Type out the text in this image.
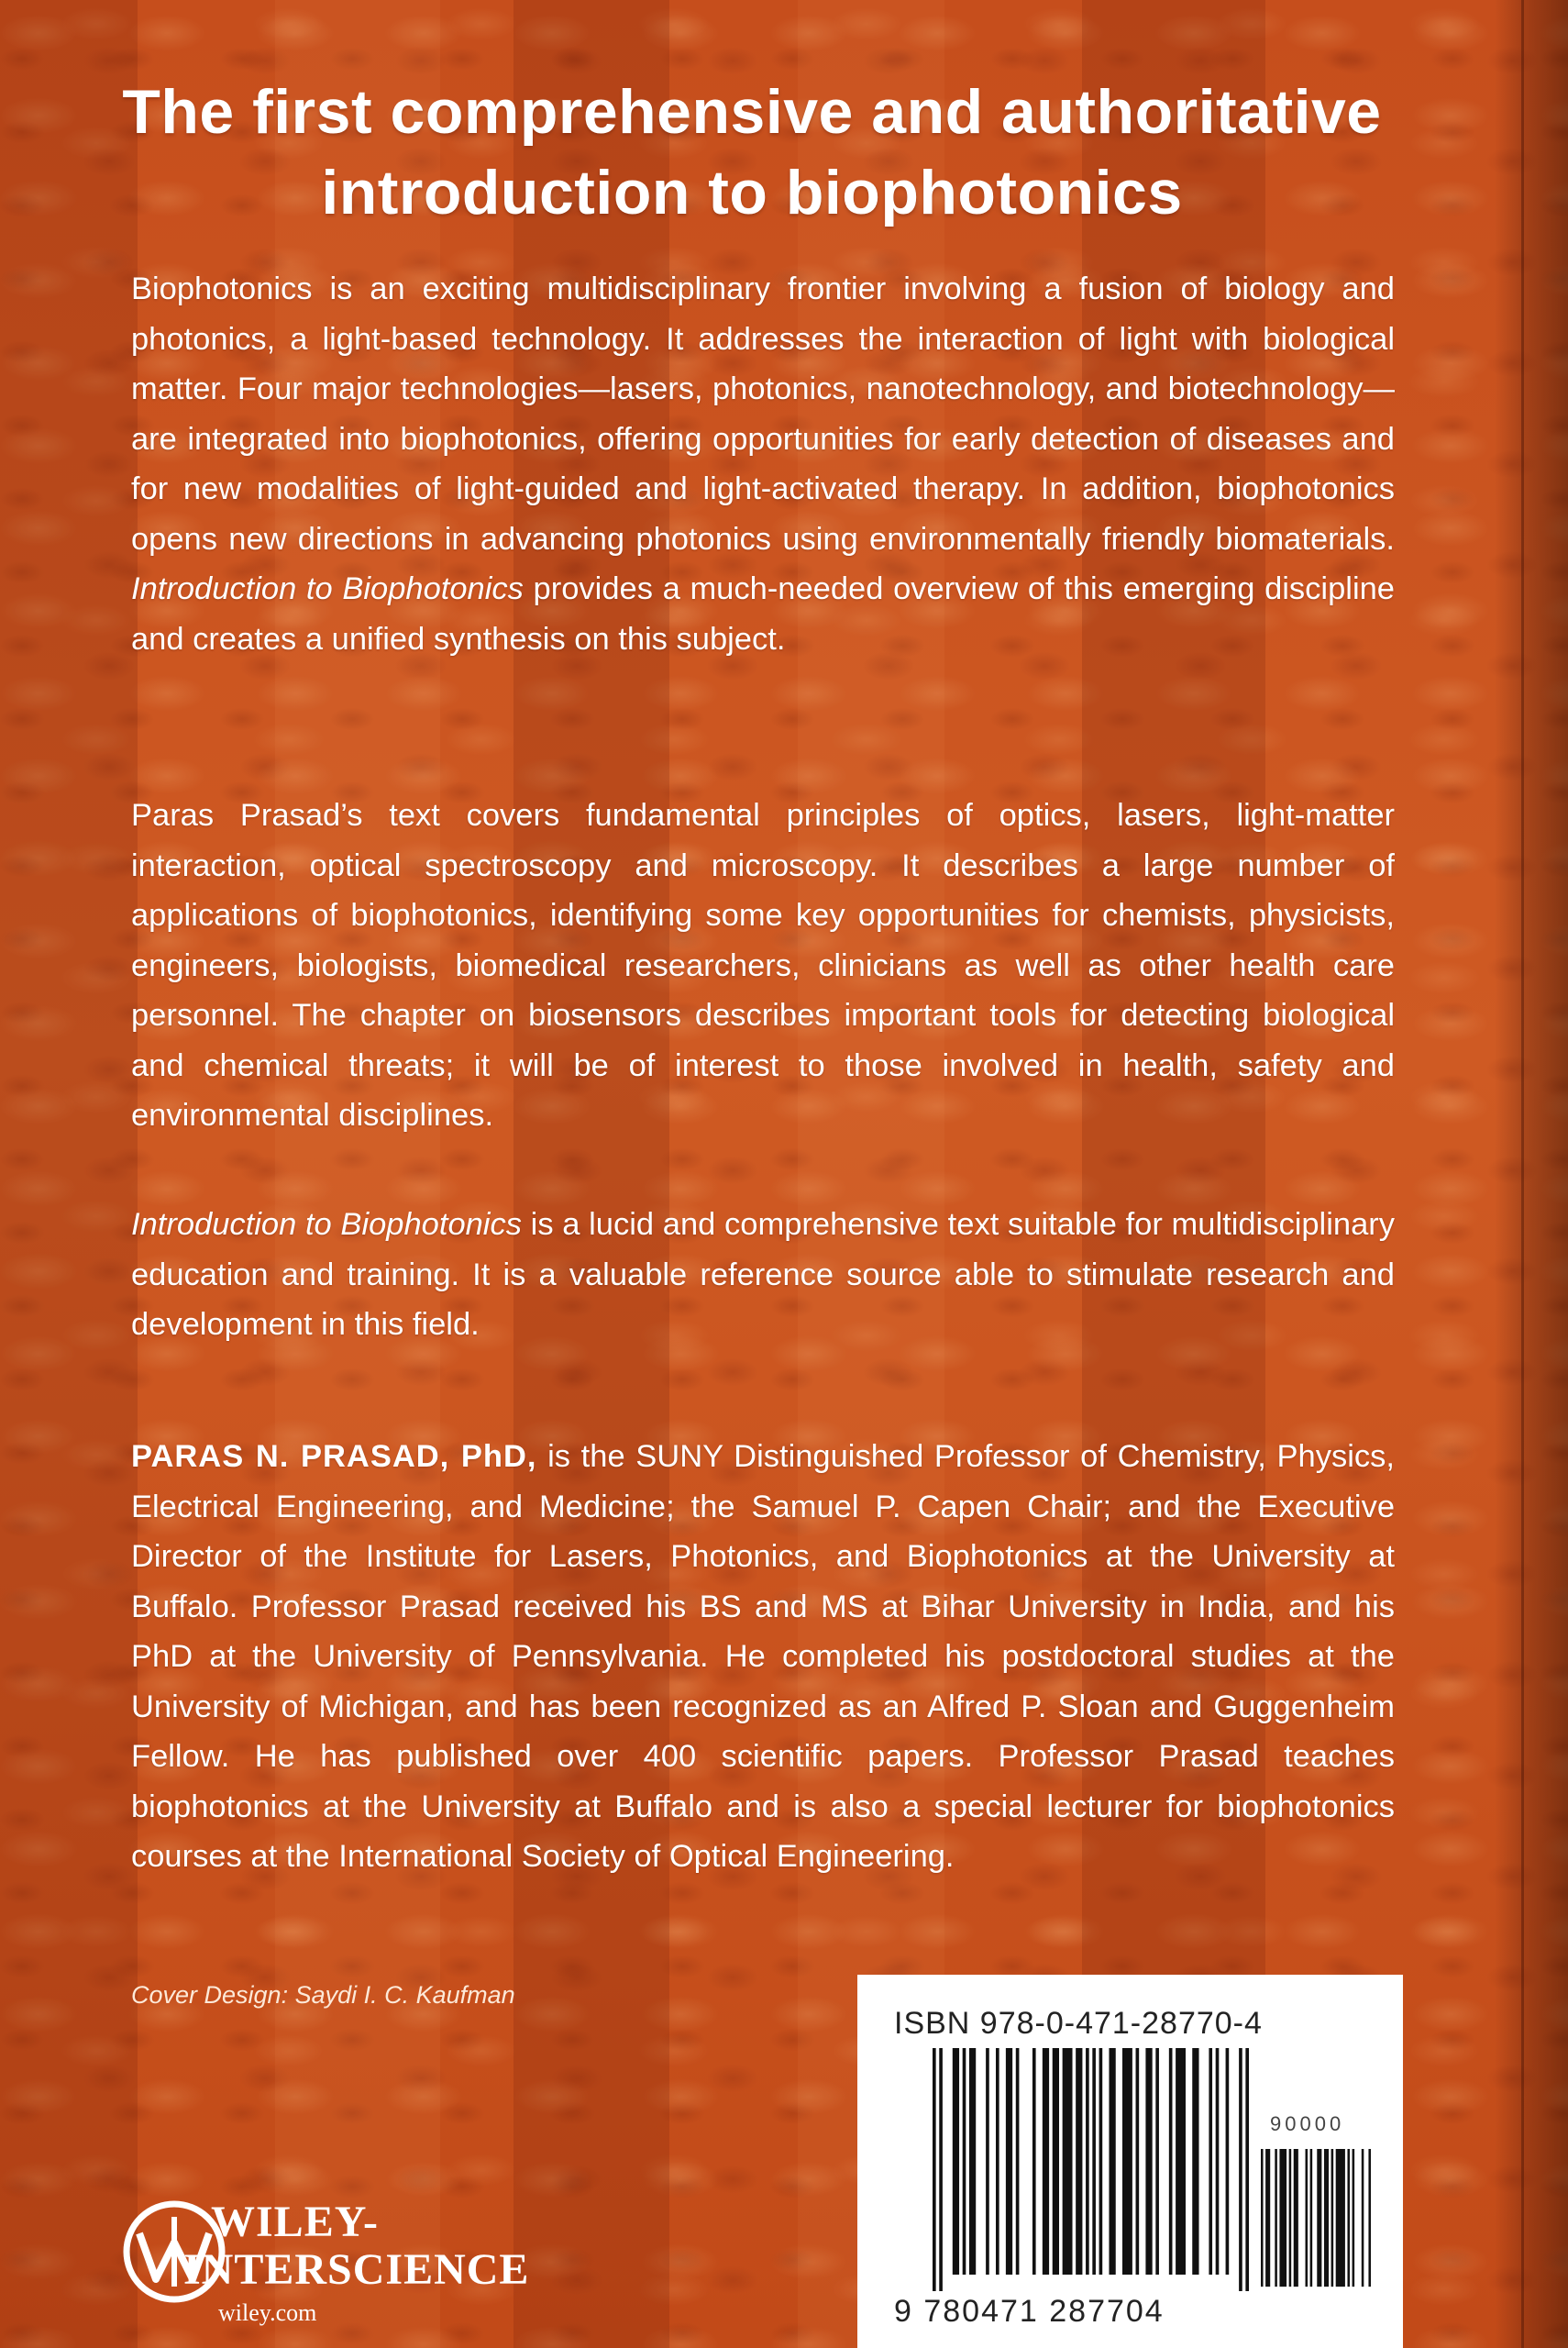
The first comprehensive and authoritative
introduction to biophotonics

Biophotonics is an exciting multidisciplinary frontier involving a fusion of biology and photonics, a light-based technology. It addresses the interaction of light with biological matter. Four major technologies—lasers, photonics, nanotechnology, and biotechnology—are integrated into biophotonics, offering opportunities for early detection of diseases and for new modalities of light-guided and light-activated therapy. In addition, biophotonics opens new directions in advancing photonics using environmentally friendly biomaterials. Introduction to Biophotonics provides a much-needed overview of this emerging discipline and creates a unified synthesis on this subject.

Paras Prasad’s text covers fundamental principles of optics, lasers, light-matter interaction, optical spectroscopy and microscopy. It describes a large number of applications of biophotonics, identifying some key opportunities for chemists, physicists, engineers, biologists, biomedical researchers, clinicians as well as other health care personnel. The chapter on biosensors describes important tools for detecting biological and chemical threats; it will be of interest to those involved in health, safety and environmental disciplines.

Introduction to Biophotonics is a lucid and comprehensive text suitable for multidisciplinary education and training. It is a valuable reference source able to stimulate research and development in this field.

PARAS N. PRASAD, PhD, is the SUNY Distinguished Professor of Chemistry, Physics, Electrical Engineering, and Medicine; the Samuel P. Capen Chair; and the Executive Director of the Institute for Lasers, Photonics, and Biophotonics at the University at Buffalo. Professor Prasad received his BS and MS at Bihar University in India, and his PhD at the University of Pennsylvania. He completed his postdoctoral studies at the University of Michigan, and has been recognized as an Alfred P. Sloan and Guggenheim Fellow. He has published over 400 scientific papers. Professor Prasad teaches biophotonics at the University at Buffalo and is also a special lecturer for biophotonics courses at the International Society of Optical Engineering.

Cover Design: Saydi I. C. Kaufman

WILEY-
INTERSCIENCE
wiley.com

ISBN 978-0-471-28770-4

9 780471 287704

90000
